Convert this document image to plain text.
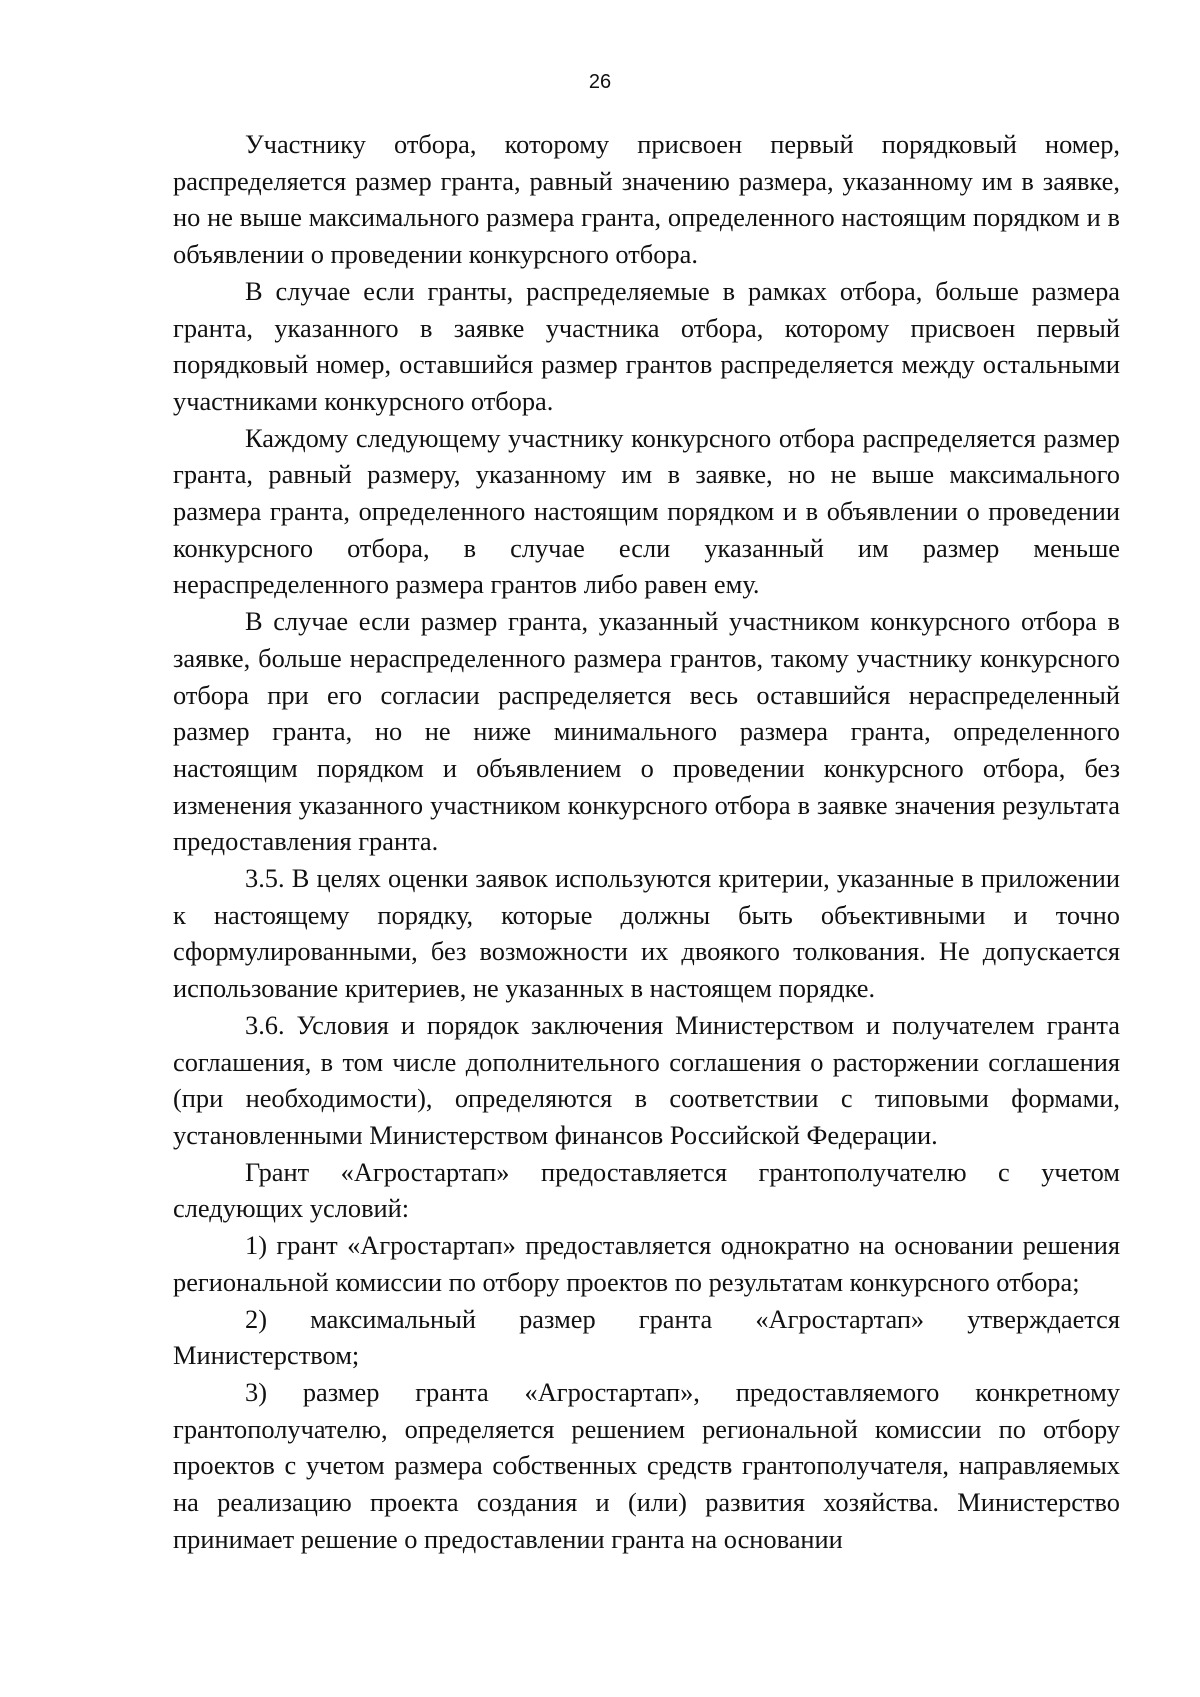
26

Участнику отбора, которому присвоен первый порядковый номер, распределяется размер гранта, равный значению размера, указанному им в заявке, но не выше максимального размера гранта, определенного настоящим порядком и в объявлении о проведении конкурсного отбора.

В случае если гранты, распределяемые в рамках отбора, больше размера гранта, указанного в заявке участника отбора, которому присвоен первый порядковый номер, оставшийся размер грантов распределяется между остальными участниками конкурсного отбора.

Каждому следующему участнику конкурсного отбора распределяется размер гранта, равный размеру, указанному им в заявке, но не выше максимального размера гранта, определенного настоящим порядком и в объявлении о проведении конкурсного отбора, в случае если указанный им размер меньше нераспределенного размера грантов либо равен ему.

В случае если размер гранта, указанный участником конкурсного отбора в заявке, больше нераспределенного размера грантов, такому участнику конкурсного отбора при его согласии распределяется весь оставшийся нераспределенный размер гранта, но не ниже минимального размера гранта, определенного настоящим порядком и объявлением о проведении конкурсного отбора, без изменения указанного участником конкурсного отбора в заявке значения результата предоставления гранта.

3.5. В целях оценки заявок используются критерии, указанные в приложении к настоящему порядку, которые должны быть объективными и точно сформулированными, без возможности их двоякого толкования. Не допускается использование критериев, не указанных в настоящем порядке.

3.6. Условия и порядок заключения Министерством и получателем гранта соглашения, в том числе дополнительного соглашения о расторжении соглашения (при необходимости), определяются в соответствии с типовыми формами, установленными Министерством финансов Российской Федерации.

Грант «Агростартап» предоставляется грантополучателю с учетом следующих условий:

1) грант «Агростартап» предоставляется однократно на основании решения региональной комиссии по отбору проектов по результатам конкурсного отбора;

2) максимальный размер гранта «Агростартап» утверждается Министерством;

3) размер гранта «Агростартап», предоставляемого конкретному грантополучателю, определяется решением региональной комиссии по отбору проектов с учетом размера собственных средств грантополучателя, направляемых на реализацию проекта создания и (или) развития хозяйства. Министерство принимает решение о предоставлении гранта на основании
